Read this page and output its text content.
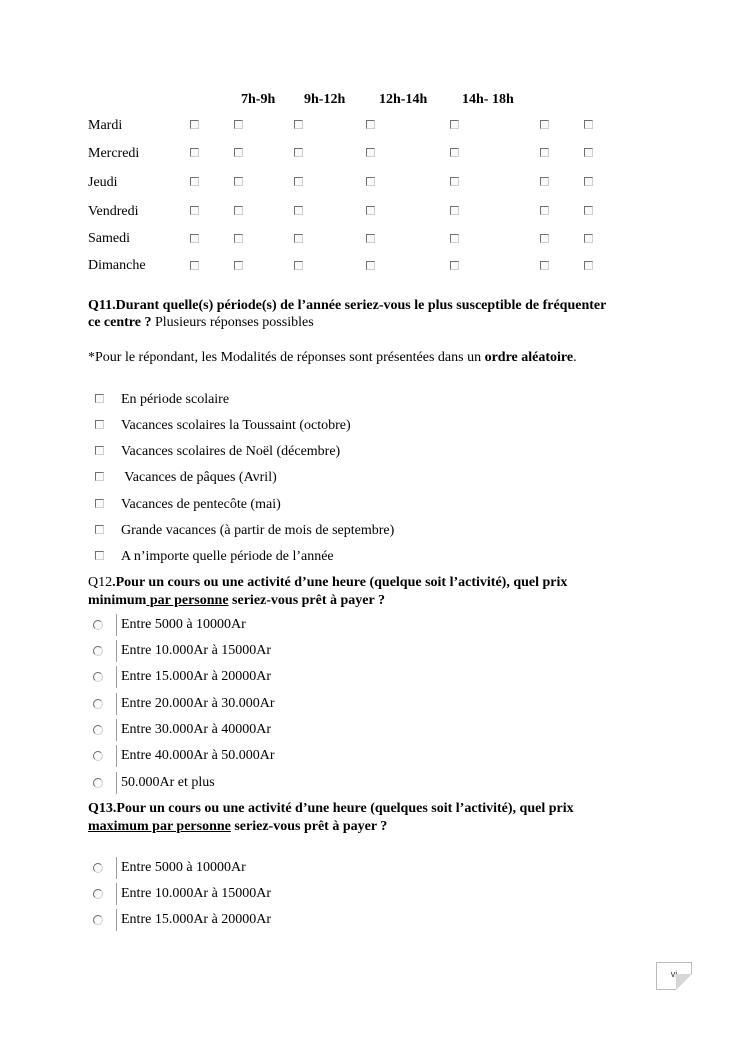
7h-9h 9h-12h 12h-14h 14h- 18h
Mardi
Mercredi
Jeudi
Vendredi
Samedi
Dimanche
Q11.Durant quelle(s) période(s) de l’année seriez-vous le plus susceptible de fréquenter
ce centre ? Plusieurs réponses possibles
*Pour le répondant, les Modalités de réponses sont présentées dans un ordre aléatoire.
En période scolaire
Vacances scolaires la Toussaint (octobre)
Vacances scolaires de Noël (décembre)
Vacances de pâques (Avril)
Vacances de pentecôte (mai)
Grande vacances (à partir de mois de septembre)
A n’importe quelle période de l’année
Q12.Pour un cours ou une activité d’une heure (quelque soit l’activité), quel prix
minimum par personne seriez-vous prêt à payer ?
Entre 5000 à 10000Ar
Entre 10.000Ar à 15000Ar
Entre 15.000Ar à 20000Ar
Entre 20.000Ar à 30.000Ar
Entre 30.000Ar à 40000Ar
Entre 40.000Ar à 50.000Ar
50.000Ar et plus
Q13.Pour un cours ou une activité d’une heure (quelques soit l’activité), quel prix
maximum par personne seriez-vous prêt à payer ?
Entre 5000 à 10000Ar
Entre 10.000Ar à 15000Ar
Entre 15.000Ar à 20000Ar
vi
